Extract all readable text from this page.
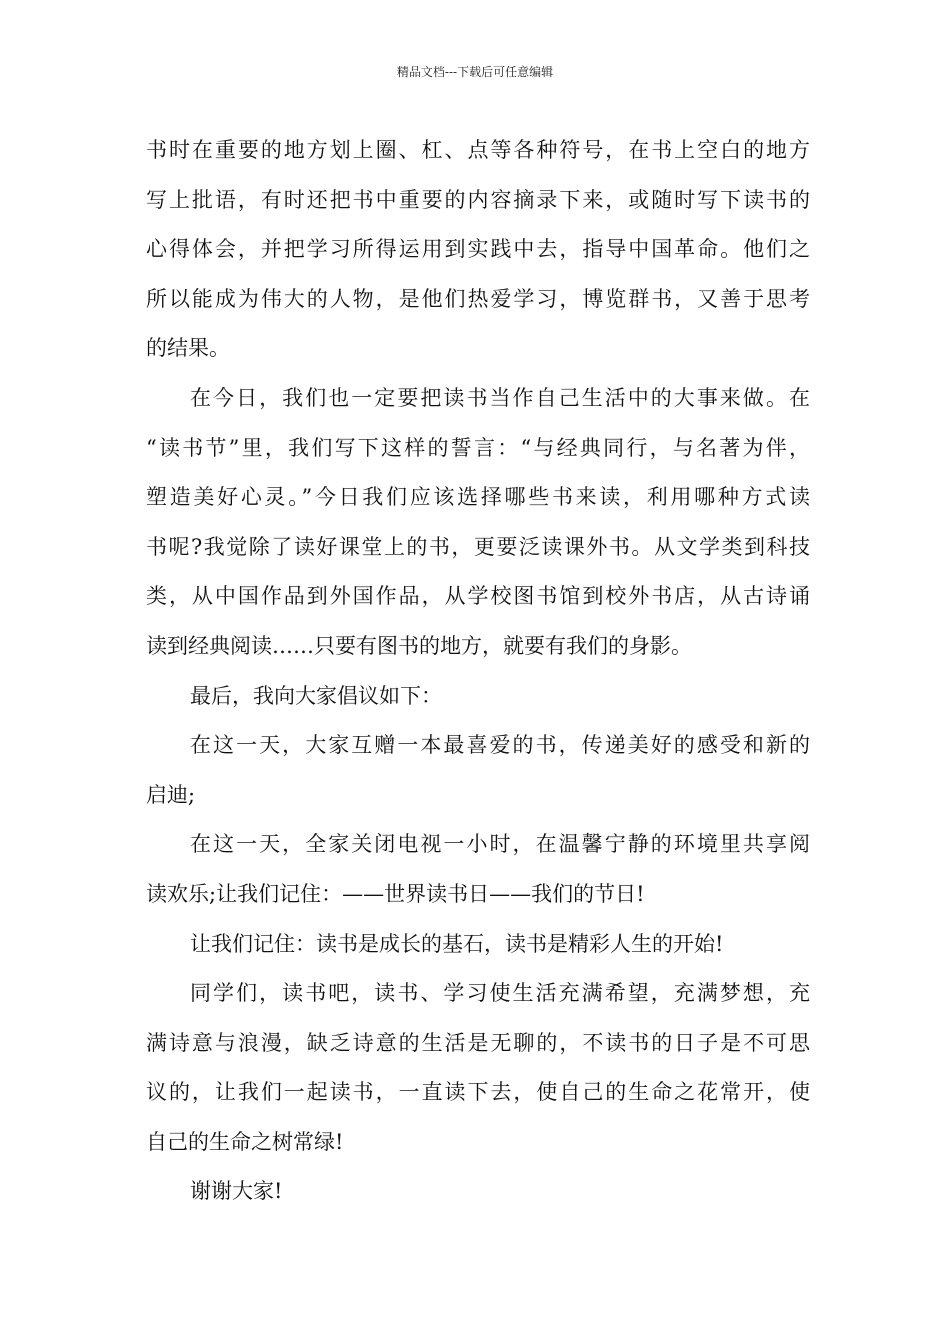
精品文档---下载后可任意编辑
书时在重要的地方划上圈、杠、点等各种符号，在书上空白的地方
写上批语，有时还把书中重要的内容摘录下来，或随时写下读书的
心得体会，并把学习所得运用到实践中去，指导中国革命。他们之
所以能成为伟大的人物，是他们热爱学习，博览群书，又善于思考
的结果。
在今日，我们也一定要把读书当作自己生活中的大事来做。在
“读书节”里，我们写下这样的誓言：“与经典同行，与名著为伴，
塑造美好心灵。”今日我们应该选择哪些书来读，利用哪种方式读
书呢?我觉除了读好课堂上的书，更要泛读课外书。从文学类到科技
类，从中国作品到外国作品，从学校图书馆到校外书店，从古诗诵
读到经典阅读……只要有图书的地方，就要有我们的身影。
最后，我向大家倡议如下：
在这一天，大家互赠一本最喜爱的书，传递美好的感受和新的
启迪;
在这一天，全家关闭电视一小时，在温馨宁静的环境里共享阅
读欢乐;让我们记住：——世界读书日——我们的节日!
让我们记住：读书是成长的基石，读书是精彩人生的开始!
同学们，读书吧，读书、学习使生活充满希望，充满梦想，充
满诗意与浪漫，缺乏诗意的生活是无聊的，不读书的日子是不可思
议的，让我们一起读书，一直读下去，使自己的生命之花常开，使
自己的生命之树常绿!
谢谢大家!
